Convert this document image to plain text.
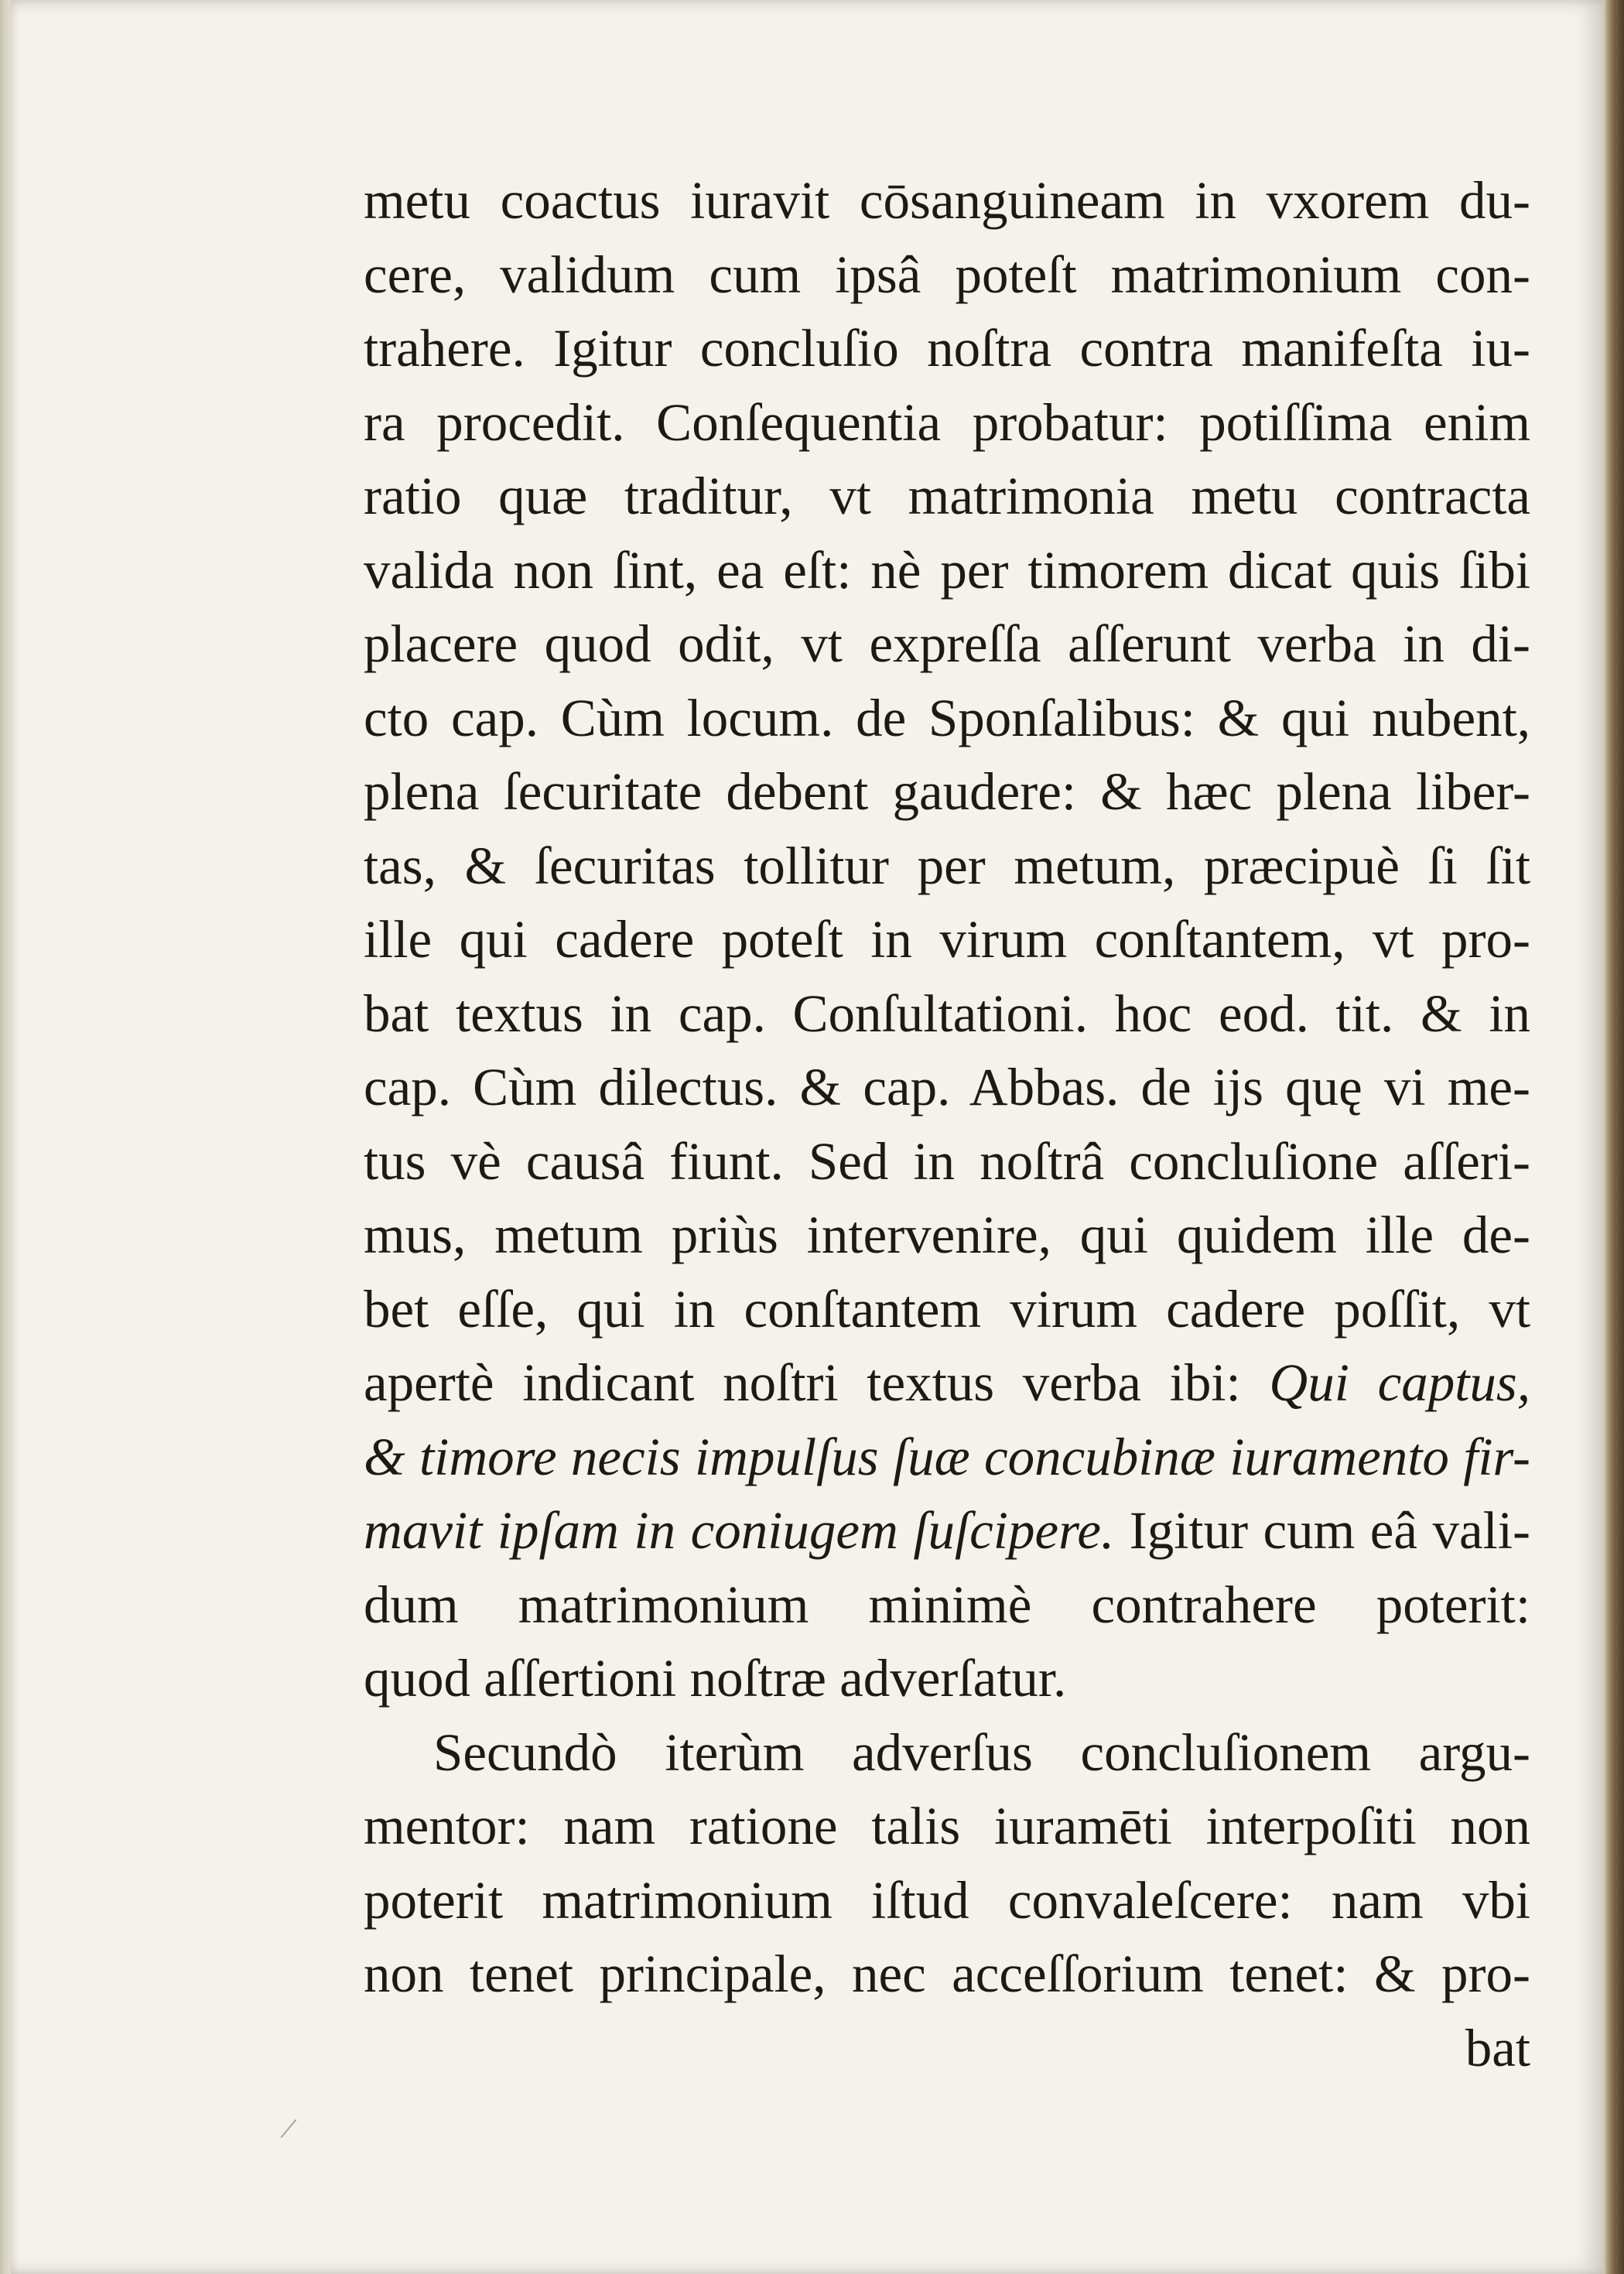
metu coactus iuravit cōsanguineam in vxorem du-
cere, validum cum ipsâ poteſt matrimonium con-
trahere. Igitur concluſio noſtra contra manifeſta iu-
ra procedit. Conſequentia probatur: potiſſima enim
ratio quæ traditur, vt matrimonia metu contracta
valida non ſint, ea eſt: nè per timorem dicat quis ſibi
placere quod odit, vt expreſſa aſſerunt verba in di-
cto cap. Cùm locum. de Sponſalibus: & qui nubent,
plena ſecuritate debent gaudere: & hæc plena liber-
tas, & ſecuritas tollitur per metum, præcipuè ſi ſit
ille qui cadere poteſt in virum conſtantem, vt pro-
bat textus in cap. Conſultationi. hoc eod. tit. & in
cap. Cùm dilectus. & cap. Abbas. de ijs quę vi me-
tus vè causâ fiunt. Sed in noſtrâ concluſione aſſeri-
mus, metum priùs intervenire, qui quidem ille de-
bet eſſe, qui in conſtantem virum cadere poſſit, vt
apertè indicant noſtri textus verba ibi: Qui captus,
& timore necis impulſus ſuæ concubinæ iuramento fir-
mavit ipſam in coniugem ſuſcipere. Igitur cum eâ vali-
dum matrimonium minimè contrahere poterit:
quod aſſertioni noſtræ adverſatur.
Secundò iterùm adverſus concluſionem argu-
mentor: nam ratione talis iuramēti interpoſiti non
poterit matrimonium iſtud convaleſcere: nam vbi
non tenet principale, nec acceſſorium tenet: & pro-
bat
